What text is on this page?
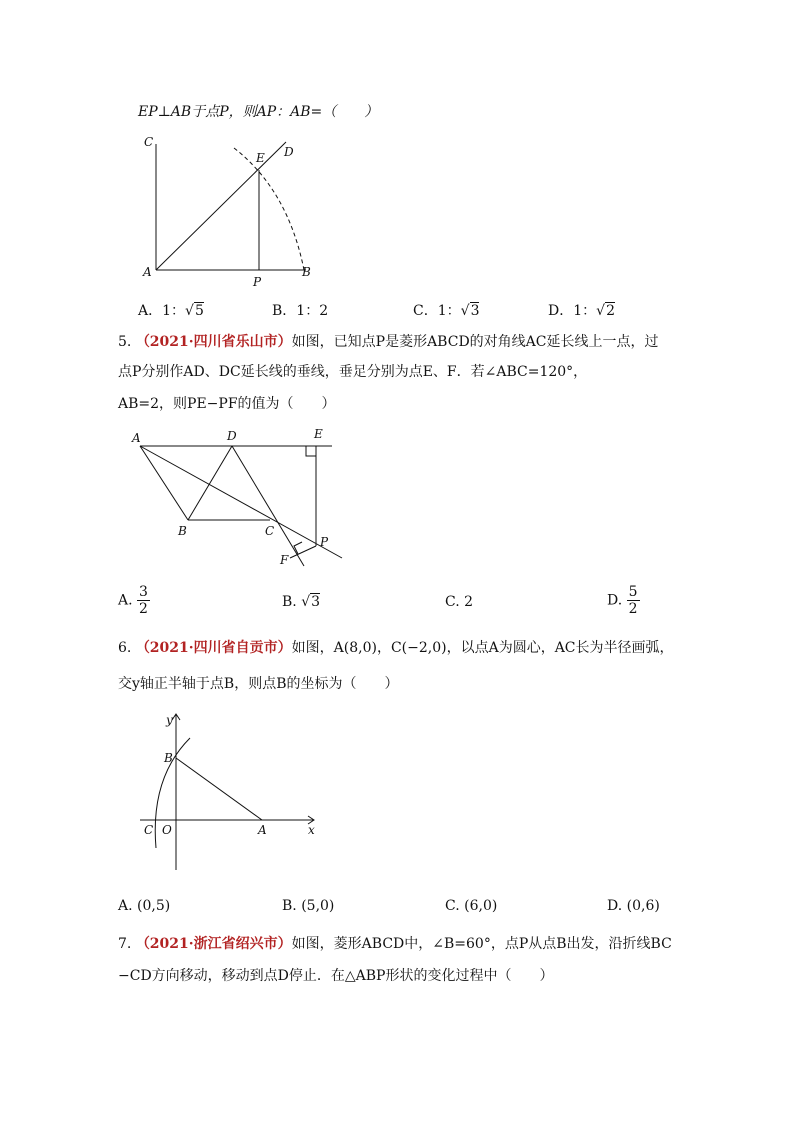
EP⊥AB于点P，则AP：AB=（　　）
C
E D
A
P
B
A．1：√5	B．1：2	C．1：√3	D．1：√2
5. （2021·四川省乐山市）如图，已知点P是菱形ABCD的对角线AC延长线上一点，过
点P分别作AD、DC延长线的垂线，垂足分别为点E、F．若∠ABC=120°，
AB=2，则PE−PF的值为（　　）
A	D	E
B	C
P
F
A. $\frac{3}{2}$	B. √3	C. 2	D. $\frac{5}{2}$
6. （2021·四川省自贡市）如图，A(8,0)，C(−2,0)，以点A为圆心，AC长为半径画弧，
交y轴正半轴于点B，则点B的坐标为（　　）
y
x
B
C O	A
A. (0,5)	B. (5,0)	C. (6,0)	D. (0,6)
7. （2021·浙江省绍兴市）如图，菱形ABCD中，∠B=60°，点P从点B出发，沿折线BC
−CD方向移动，移动到点D停止．在△ABP形状的变化过程中（　　）
